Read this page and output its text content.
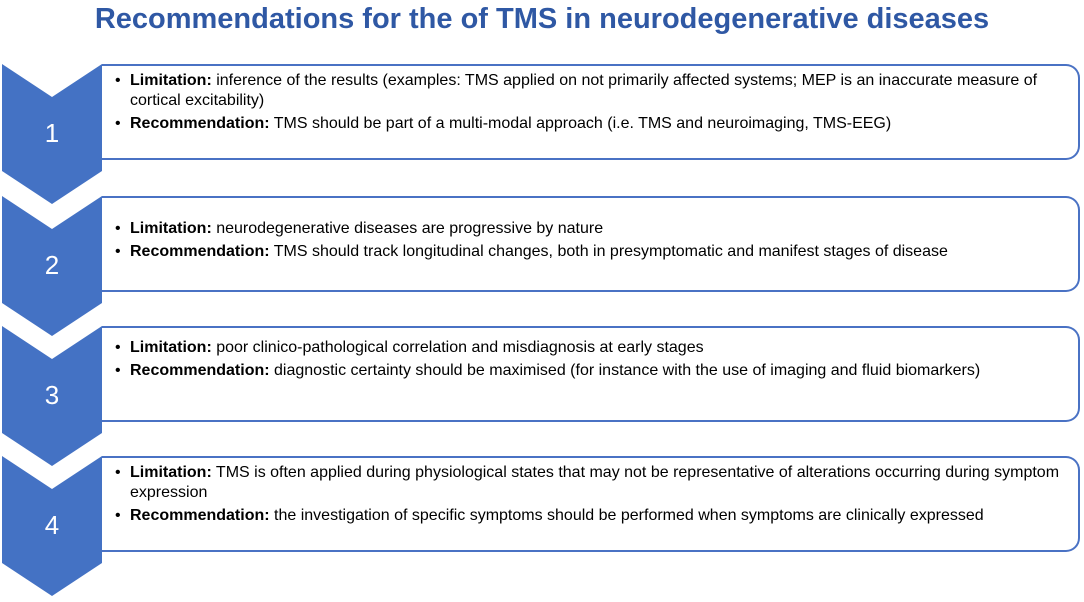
Recommendations for the of TMS in neurodegenerative diseases
1
• Limitation: inference of the results (examples: TMS applied on not primarily affected systems; MEP is an inaccurate measure of cortical excitability)
• Recommendation: TMS should be part of a multi-modal approach (i.e. TMS and neuroimaging, TMS-EEG)
2
• Limitation: neurodegenerative diseases are progressive by nature
• Recommendation: TMS should track longitudinal changes, both in presymptomatic and manifest stages of disease
3
• Limitation: poor clinico-pathological correlation and misdiagnosis at early stages
• Recommendation: diagnostic certainty should be maximised (for instance with the use of imaging and fluid biomarkers)
4
• Limitation: TMS is often applied during physiological states that may not be representative of alterations occurring during symptom expression
• Recommendation: the investigation of specific symptoms should be performed when symptoms are clinically expressed
